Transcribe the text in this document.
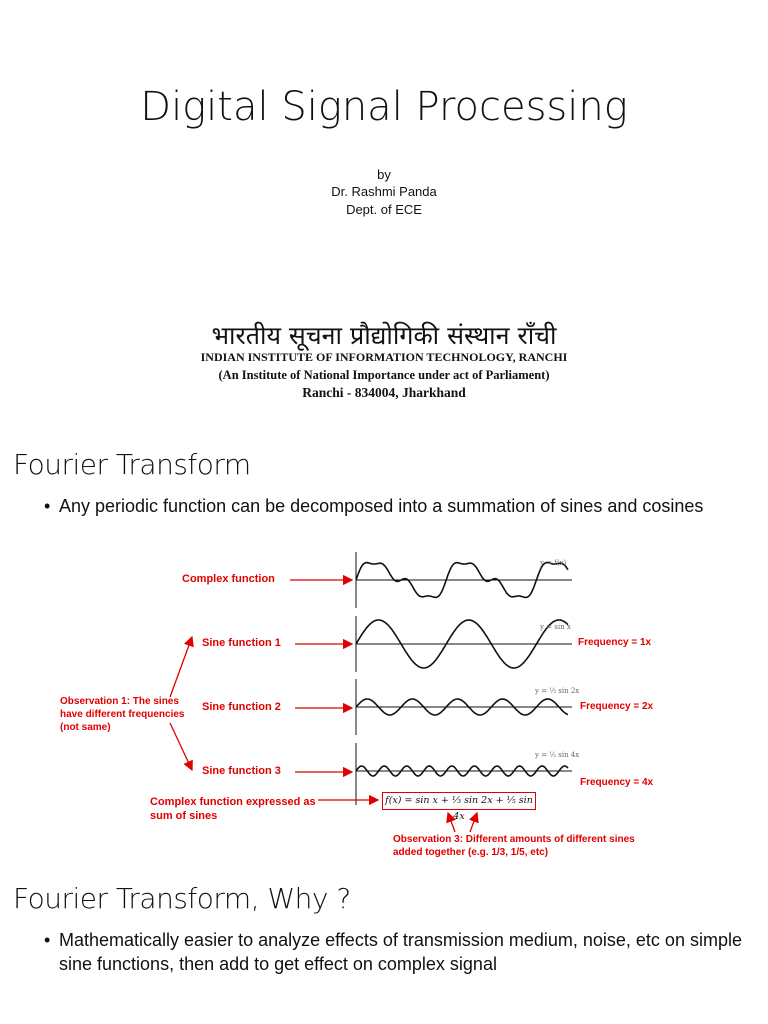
Digital Signal Processing
by
Dr. Rashmi Panda
Dept. of ECE
भारतीय सूचना प्रौद्योगिकी संस्थान राँची
INDIAN INSTITUTE OF INFORMATION TECHNOLOGY, RANCHI
(An Institute of National Importance under act of Parliament)
Ranchi - 834004, Jharkhand
Fourier Transform
• Any periodic function can be decomposed into a summation of sines and cosines
Complex function
Sine function 1
Sine function 2
Sine function 3
Observation 1: The sines have different frequencies (not same)
Complex function expressed as sum of sines
Observation 3: Different amounts of different sines added together (e.g. 1/3, 1/5, etc)
Frequency = 1x
Frequency = 2x
Frequency = 4x
y = f(x)
y = sin x
y = ⅓ sin 2x
y = ⅕ sin 4x
f(x) = sin x + ⅓ sin 2x + ⅕ sin 4x
Fourier Transform, Why ?
• Mathematically easier to analyze effects of transmission medium, noise, etc on simple sine functions, then add to get effect on complex signal
